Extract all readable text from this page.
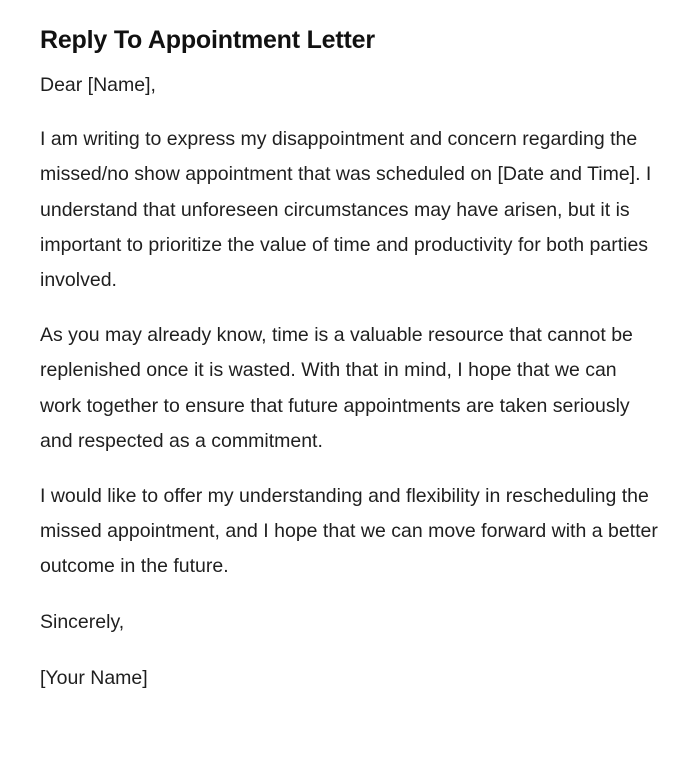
Reply To Appointment Letter

Dear [Name],

I am writing to express my disappointment and concern regarding the missed/no show appointment that was scheduled on [Date and Time]. I understand that unforeseen circumstances may have arisen, but it is important to prioritize the value of time and productivity for both parties involved.

As you may already know, time is a valuable resource that cannot be replenished once it is wasted. With that in mind, I hope that we can work together to ensure that future appointments are taken seriously and respected as a commitment.

I would like to offer my understanding and flexibility in rescheduling the missed appointment, and I hope that we can move forward with a better outcome in the future.

Sincerely,

[Your Name]
